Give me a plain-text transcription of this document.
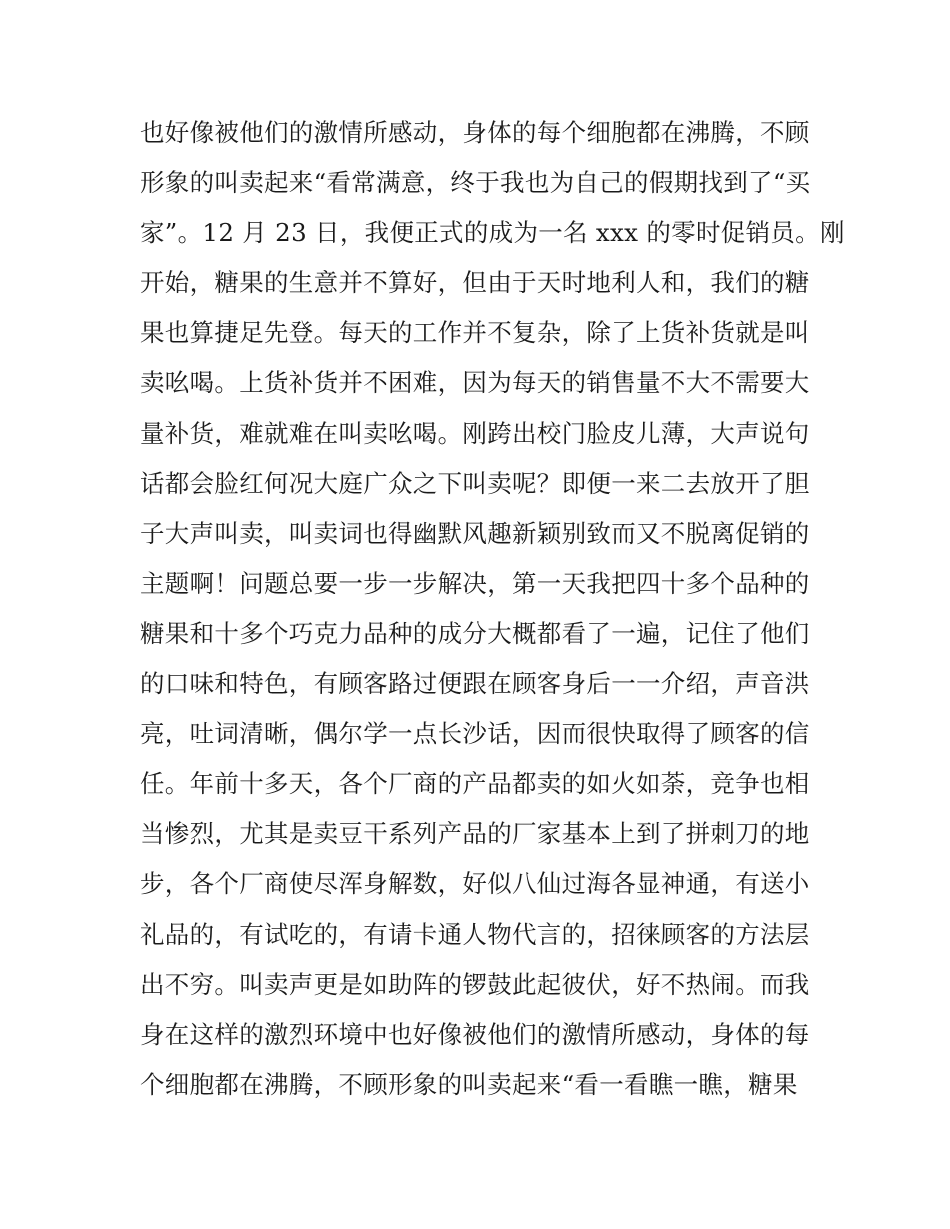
也好像被他们的激情所感动，身体的每个细胞都在沸腾，不顾
形象的叫卖起来“看常满意，终于我也为自己的假期找到了“买
家”。12 月 23 日，我便正式的成为一名 xxx 的零时促销员。刚
开始，糖果的生意并不算好，但由于天时地利人和，我们的糖
果也算捷足先登。每天的工作并不复杂，除了上货补货就是叫
卖吆喝。上货补货并不困难，因为每天的销售量不大不需要大
量补货，难就难在叫卖吆喝。刚跨出校门脸皮儿薄，大声说句
话都会脸红何况大庭广众之下叫卖呢？即便一来二去放开了胆
子大声叫卖，叫卖词也得幽默风趣新颖别致而又不脱离促销的
主题啊！问题总要一步一步解决，第一天我把四十多个品种的
糖果和十多个巧克力品种的成分大概都看了一遍，记住了他们
的口味和特色，有顾客路过便跟在顾客身后一一介绍，声音洪
亮，吐词清晰，偶尔学一点长沙话，因而很快取得了顾客的信
任。年前十多天，各个厂商的产品都卖的如火如荼，竞争也相
当惨烈，尤其是卖豆干系列产品的厂家基本上到了拼刺刀的地
步，各个厂商使尽浑身解数，好似八仙过海各显神通，有送小
礼品的，有试吃的，有请卡通人物代言的，招徕顾客的方法层
出不穷。叫卖声更是如助阵的锣鼓此起彼伏，好不热闹。而我
身在这样的激烈环境中也好像被他们的激情所感动，身体的每
个细胞都在沸腾，不顾形象的叫卖起来“看一看瞧一瞧，糖果
